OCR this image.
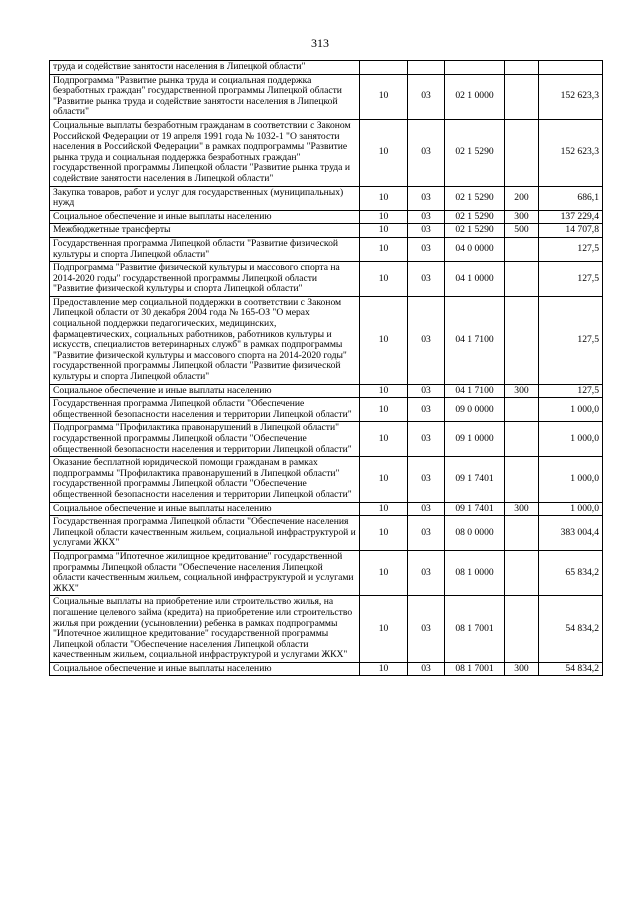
313
труда и содействие занятости населения в Липецкой области"					
Подпрограмма "Развитие рынка труда и социальная поддержка безработных граждан" государственной программы Липецкой области "Развитие рынка труда и содействие занятости населения в Липецкой области"	10	03	02 1 0000		152 623,3
Социальные выплаты безработным гражданам в соответствии с Законом Российской Федерации от 19 апреля 1991 года № 1032-1 "О занятости населения в Российской Федерации" в рамках подпрограммы "Развитие рынка труда и социальная поддержка безработных граждан" государственной программы Липецкой области "Развитие рынка труда и содействие занятости населения в Липецкой области"	10	03	02 1 5290		152 623,3
Закупка товаров, работ и услуг для государственных (муниципальных) нужд	10	03	02 1 5290	200	686,1
Социальное обеспечение и иные выплаты населению	10	03	02 1 5290	300	137 229,4
Межбюджетные трансферты	10	03	02 1 5290	500	14 707,8
Государственная программа Липецкой области "Развитие физической культуры и спорта Липецкой области"	10	03	04 0 0000		127,5
Подпрограмма "Развитие физической культуры и массового спорта на 2014-2020 годы" государственной программы Липецкой области "Развитие физической культуры и спорта Липецкой области"	10	03	04 1 0000		127,5
Предоставление мер социальной поддержки в соответствии с Законом Липецкой области от 30 декабря 2004 года № 165-ОЗ "О мерах социальной поддержки педагогических, медицинских, фармацевтических, социальных работников, работников культуры и искусств, специалистов ветеринарных служб" в рамках подпрограммы "Развитие физической культуры и массового спорта на 2014-2020 годы" государственной программы Липецкой области "Развитие физической культуры и спорта Липецкой области"	10	03	04 1 7100		127,5
Социальное обеспечение и иные выплаты населению	10	03	04 1 7100	300	127,5
Государственная программа Липецкой области "Обеспечение общественной безопасности населения и территории Липецкой области"	10	03	09 0 0000		1 000,0
Подпрограмма "Профилактика правонарушений в Липецкой области" государственной программы Липецкой области "Обеспечение общественной безопасности населения и территории Липецкой области"	10	03	09 1 0000		1 000,0
Оказание бесплатной юридической помощи гражданам в рамках подпрограммы "Профилактика правонарушений в Липецкой области" государственной программы Липецкой области "Обеспечение общественной безопасности населения и территории Липецкой области"	10	03	09 1 7401		1 000,0
Социальное обеспечение и иные выплаты населению	10	03	09 1 7401	300	1 000,0
Государственная программа Липецкой области "Обеспечение населения Липецкой области качественным жильем, социальной инфраструктурой и услугами ЖКХ"	10	03	08 0 0000		383 004,4
Подпрограмма "Ипотечное жилищное кредитование" государственной программы Липецкой области "Обеспечение населения Липецкой области качественным жильем, социальной инфраструктурой и услугами ЖКХ"	10	03	08 1 0000		65 834,2
Социальные выплаты на приобретение или строительство жилья, на погашение целевого займа (кредита) на приобретение или строительство жилья при рождении (усыновлении) ребенка в рамках подпрограммы "Ипотечное жилищное кредитование" государственной программы Липецкой области "Обеспечение населения Липецкой области качественным жильем, социальной инфраструктурой и услугами ЖКХ"	10	03	08 1 7001		54 834,2
Социальное обеспечение и иные выплаты населению	10	03	08 1 7001	300	54 834,2
